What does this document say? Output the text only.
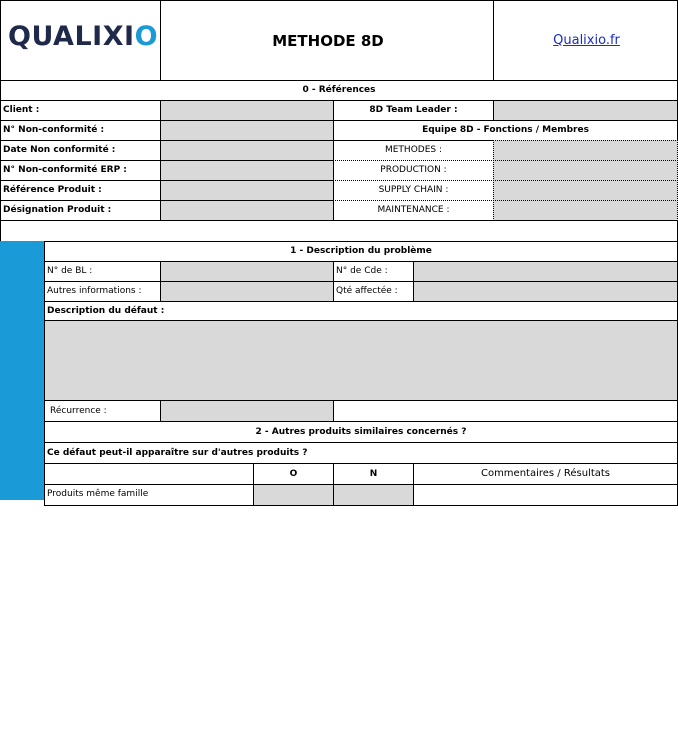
QUALIXIO	METHODE 8D	Qualixio.fr
0 - Références
Client :	8D Team Leader :
N° Non-conformité :	Equipe 8D - Fonctions / Membres
Date Non conformité :	METHODES :
N° Non-conformité ERP :	PRODUCTION :
Référence Produit :	SUPPLY CHAIN :
Désignation Produit :	MAINTENANCE :
Action de Sécurisation sous 48H
1 - Description du problème
N° de BL :	N° de Cde :
Autres informations :	Qté affectée :
Description du défaut :
Récurrence :
2 - Autres produits similaires concernés ?
Ce défaut peut-il apparaître sur d'autres produits ?
O	N	Commentaires / Résultats
Produits même famille
